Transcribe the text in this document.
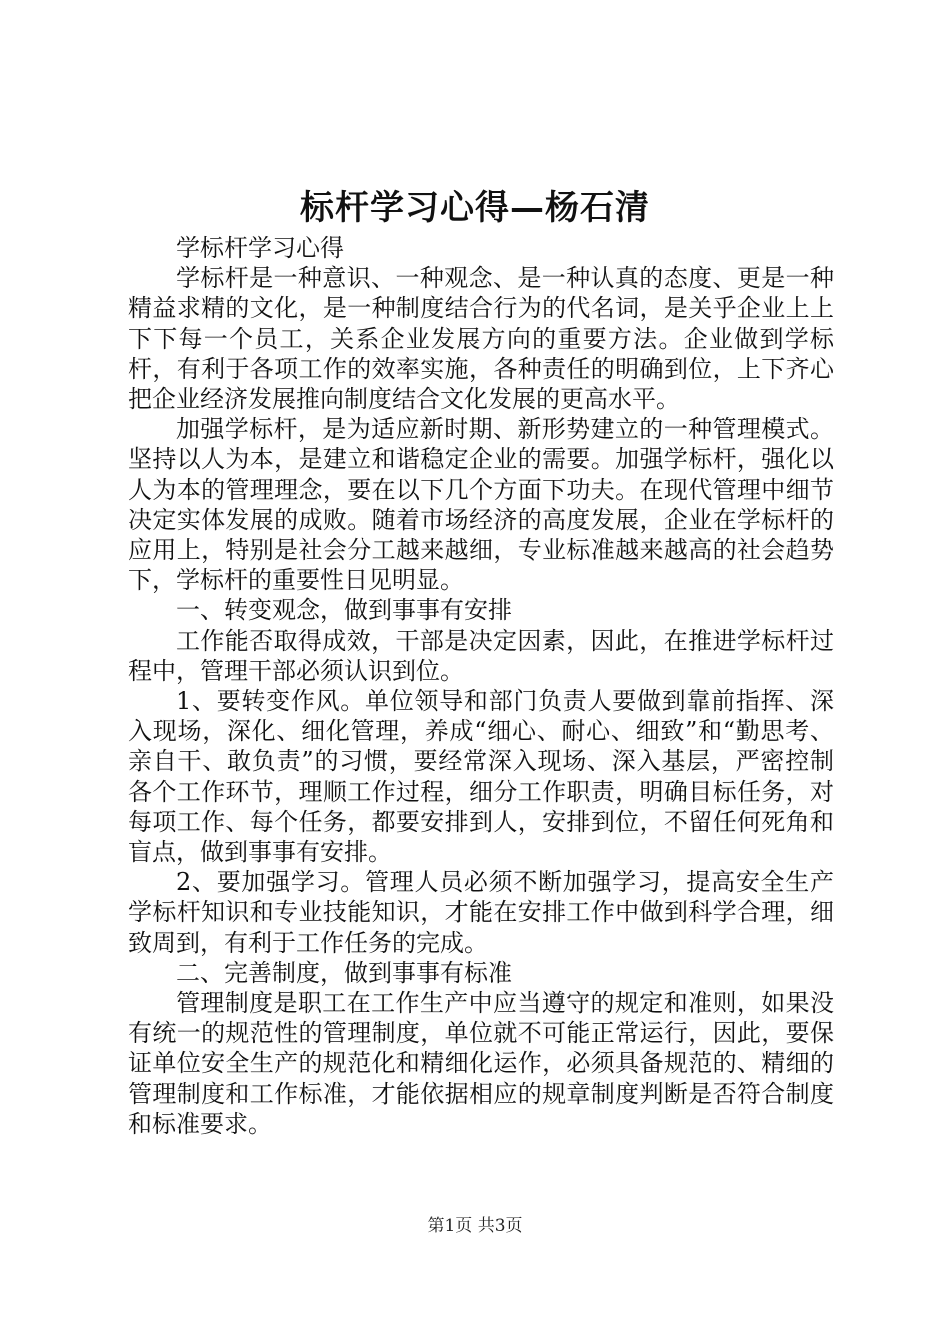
标杆学习心得—杨石清

学标杆学习心得

学标杆是一种意识、一种观念、是一种认真的态度、更是一种精益求精的文化，是一种制度结合行为的代名词，是关乎企业上上下下每一个员工，关系企业发展方向的重要方法。企业做到学标杆，有利于各项工作的效率实施，各种责任的明确到位，上下齐心把企业经济发展推向制度结合文化发展的更高水平。

加强学标杆，是为适应新时期、新形势建立的一种管理模式。坚持以人为本，是建立和谐稳定企业的需要。加强学标杆，强化以人为本的管理理念，要在以下几个方面下功夫。在现代管理中细节决定实体发展的成败。随着市场经济的高度发展，企业在学标杆的应用上，特别是社会分工越来越细，专业标准越来越高的社会趋势下，学标杆的重要性日见明显。

一、转变观念，做到事事有安排

工作能否取得成效，干部是决定因素，因此，在推进学标杆过程中，管理干部必须认识到位。

1、要转变作风。单位领导和部门负责人要做到靠前指挥、深入现场，深化、细化管理，养成“细心、耐心、细致”和“勤思考、亲自干、敢负责”的习惯，要经常深入现场、深入基层，严密控制各个工作环节，理顺工作过程，细分工作职责，明确目标任务，对每项工作、每个任务，都要安排到人，安排到位，不留任何死角和盲点，做到事事有安排。

2、要加强学习。管理人员必须不断加强学习，提高安全生产学标杆知识和专业技能知识，才能在安排工作中做到科学合理，细致周到，有利于工作任务的完成。

二、完善制度，做到事事有标准

管理制度是职工在工作生产中应当遵守的规定和准则，如果没有统一的规范性的管理制度，单位就不可能正常运行，因此，要保证单位安全生产的规范化和精细化运作，必须具备规范的、精细的管理制度和工作标准，才能依据相应的规章制度判断是否符合制度和标准要求。

第1页 共3页
